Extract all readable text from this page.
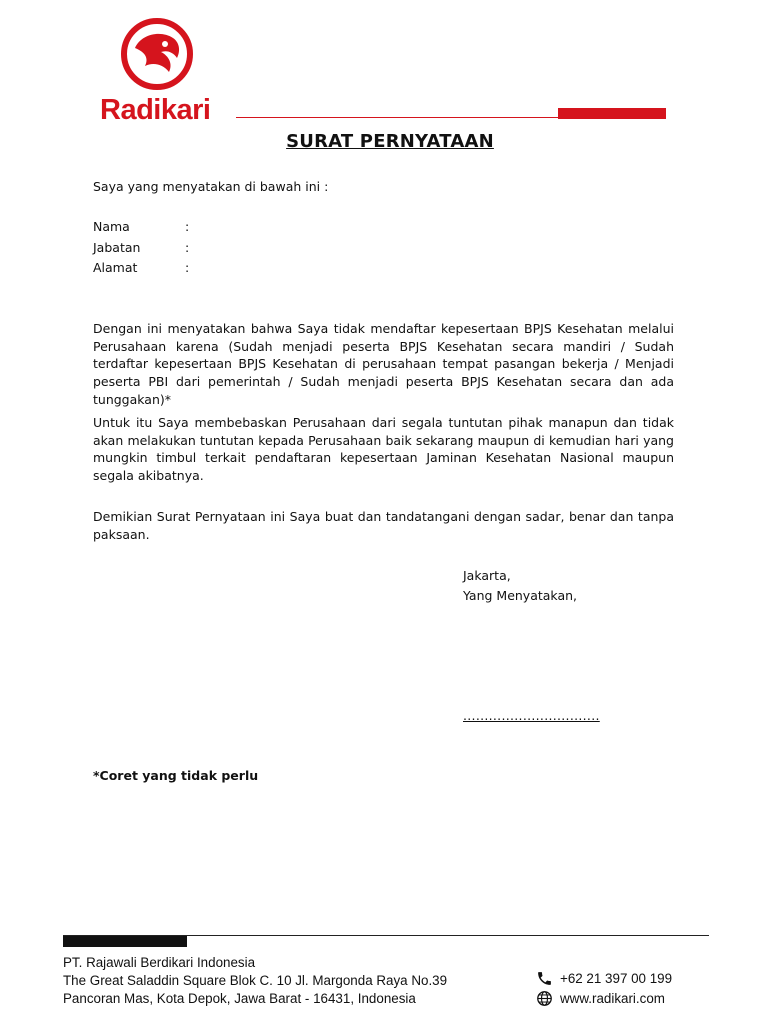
Radikari
SURAT PERNYATAAN
Saya yang menyatakan di bawah ini :
Nama	:
Jabatan	:
Alamat	:
Dengan ini menyatakan bahwa Saya tidak mendaftar kepesertaan BPJS Kesehatan melalui Perusahaan karena (Sudah menjadi peserta BPJS Kesehatan secara mandiri / Sudah terdaftar kepesertaan BPJS Kesehatan di perusahaan tempat pasangan bekerja / Menjadi peserta PBI dari pemerintah / Sudah menjadi peserta BPJS Kesehatan secara dan ada tunggakan)*
Untuk itu Saya membebaskan Perusahaan dari segala tuntutan pihak manapun dan tidak akan melakukan tuntutan kepada Perusahaan baik sekarang maupun di kemudian hari yang mungkin timbul terkait pendaftaran kepesertaan Jaminan Kesehatan Nasional maupun segala akibatnya.
Demikian Surat Pernyataan ini Saya buat dan tandatangani dengan sadar, benar dan tanpa paksaan.
Jakarta,
Yang Menyatakan,
................................
*Coret yang tidak perlu
PT. Rajawali Berdikari Indonesia
The Great Saladdin Square Blok C. 10 Jl. Margonda Raya No.39
Pancoran Mas, Kota Depok, Jawa Barat - 16431, Indonesia
+62 21 397 00 199
www.radikari.com
